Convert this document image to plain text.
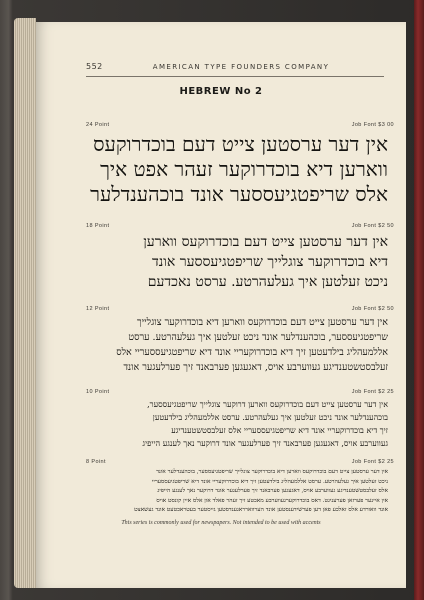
552	AMERICAN TYPE FOUNDERS COMPANY
HEBREW No 2
24 Point	Job Font $3 00
אין דער ערסטען צייט דעם בוכדרוקעס
ווארען דיא בוכדרוקער זעהר אפט איך
אלס שריפטגיעססער אונד בוכהענדלער
18 Point	Job Font $2 50
אין דער ערסטען צייט דעם בוכדרוקעס ווארען
דיא בוכדרוקער צוגלייך שריפטגיעססער אונד
ניכט זעלטען איך געלעהרטע. ערסט נאכדעם
12 Point	Job Font $2 50
אין דער ערסטען צייט דעם בוכדרוקעס ווארען דיא בוכדרוקער צוגלייך
שריפטגיעססער, בוכהענדלער אונד ניכט זעלטען איך געלעהרטע. ערסט
אללמעהליג בילדעטען זיך דיא בוכדרוקעריי אונד דיא שריפטגיעססעריי אלס
זעלבסטשטענדיגע געווערבע אויס, דאגעגען פערבאנד זיך פערלעגער אונד
10 Point	Job Font $2 25
אין דער ערסטען צייט דעם בוכדרוקעס ווארען דרוקער צוגלייך שריפטגיעססער,
בוכהענדלער אונד ניכט זעלטען איך געלעהרטע. ערסט אללמעהליג בילדעטען
זיך דיא בוכדרוקעריי אונד דיא שריפטגיעססעריי אלס זעלבסטשטענדיגע
געווערבע אויס, דאגעגען פערבאנד זיך פערלעגער אונד דרוקער נאך לענגע הייפיג
8 Point	Job Font $2 25
אין דער ערסטען צייט דעם בוכדרוקעס ווארען דיא בוכדרוקער צוגלייך שריפטגיעססער, בוכהענדלער אונד
ניכט זעלטען איך געלעהרטע. ערסט אללמעהליג בילדעטען זיך דיא בוכדרוקעריי אונד דיא שריפטגיעססעריי
אלס זעלבסטשטענדיגע געווערבע אויס, דאגעגען פערבאנד זיך פערלעגער אונד דרוקער נאך לענגע הייפיג
אין איינער פערזאן פערעניגט. דאס בוכדרוקערגעווערבע מאכטע זיך זעהר פאלד און אלס איין קונסט אויס
אונד וואורדע אלס זאלכע פאן דען פערשידענסטען אונד הערווארראגענדסטען גייסטער בעטראכטעט אונד געשאצט
This series is commonly used for newspapers. Not intended to be used with accents
